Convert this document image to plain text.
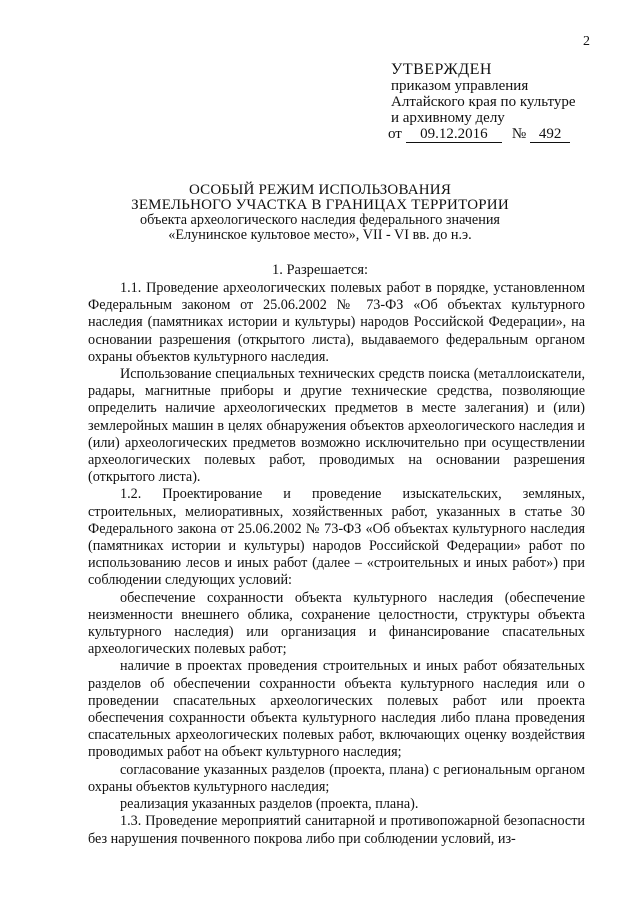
2
УТВЕРЖДЕН
приказом управления
Алтайского края по культуре
и архивному делу
от 09.12.2016 № 492
ОСОБЫЙ РЕЖИМ ИСПОЛЬЗОВАНИЯ
ЗЕМЕЛЬНОГО УЧАСТКА В ГРАНИЦАХ ТЕРРИТОРИИ
объекта археологического наследия федерального значения
«Елунинское культовое место», VII - VI вв. до н.э.
1. Разрешается:

1.1. Проведение археологических полевых работ в порядке, установленном Федеральным законом от 25.06.2002 № 73-ФЗ «Об объектах культурного наследия (памятниках истории и культуры) народов Российской Федерации», на основании разрешения (открытого листа), выдаваемого федеральным органом охраны объектов культурного наследия.

Использование специальных технических средств поиска (металлоискатели, радары, магнитные приборы и другие технические средства, позволяющие определить наличие археологических предметов в месте залегания) и (или) землеройных машин в целях обнаружения объектов археологического наследия и (или) археологических предметов возможно исключительно при осуществлении археологических полевых работ, проводимых на основании разрешения (открытого листа).

1.2. Проектирование и проведение изыскательских, земляных, строительных, мелиоративных, хозяйственных работ, указанных в статье 30 Федерального закона от 25.06.2002 № 73-ФЗ «Об объектах культурного наследия (памятниках истории и культуры) народов Российской Федерации» работ по использованию лесов и иных работ (далее – «строительных и иных работ») при соблюдении следующих условий:

обеспечение сохранности объекта культурного наследия (обеспечение неизменности внешнего облика, сохранение целостности, структуры объекта культурного наследия) или организация и финансирование спасательных археологических полевых работ;

наличие в проектах проведения строительных и иных работ обязательных разделов об обеспечении сохранности объекта культурного наследия или о проведении спасательных археологических полевых работ или проекта обеспечения сохранности объекта культурного наследия либо плана проведения спасательных археологических полевых работ, включающих оценку воздействия проводимых работ на объект культурного наследия;

согласование указанных разделов (проекта, плана) с региональным органом охраны объектов культурного наследия;

реализация указанных разделов (проекта, плана).

1.3. Проведение мероприятий санитарной и противопожарной безопасности без нарушения почвенного покрова либо при соблюдении условий, из-
